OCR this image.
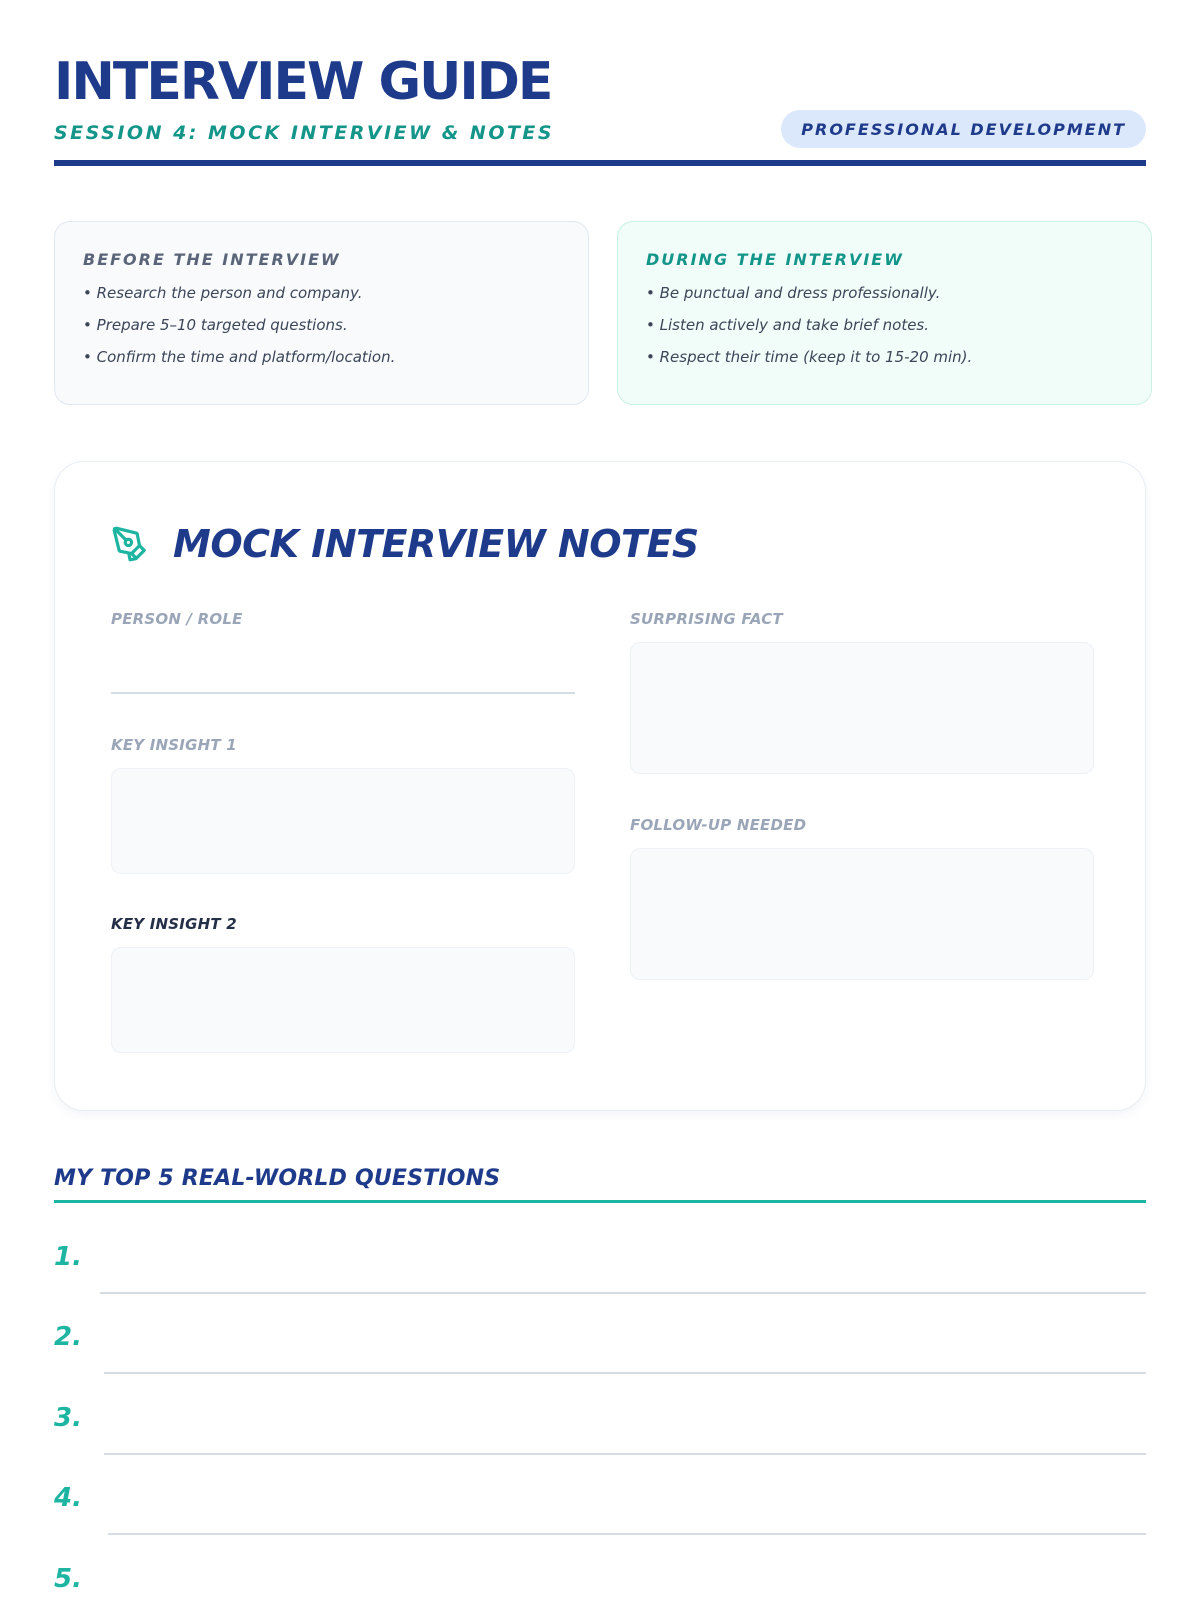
INTERVIEW GUIDE
SESSION 4: MOCK INTERVIEW & NOTES	PROFESSIONAL DEVELOPMENT
BEFORE THE INTERVIEW
• Research the person and company.
• Prepare 5–10 targeted questions.
• Confirm the time and platform/location.
DURING THE INTERVIEW
• Be punctual and dress professionally.
• Listen actively and take brief notes.
• Respect their time (keep it to 15-20 min).
MOCK INTERVIEW NOTES
PERSON / ROLE
KEY INSIGHT 1
KEY INSIGHT 2
SURPRISING FACT
FOLLOW-UP NEEDED
MY TOP 5 REAL-WORLD QUESTIONS
1.
2.
3.
4.
5.
